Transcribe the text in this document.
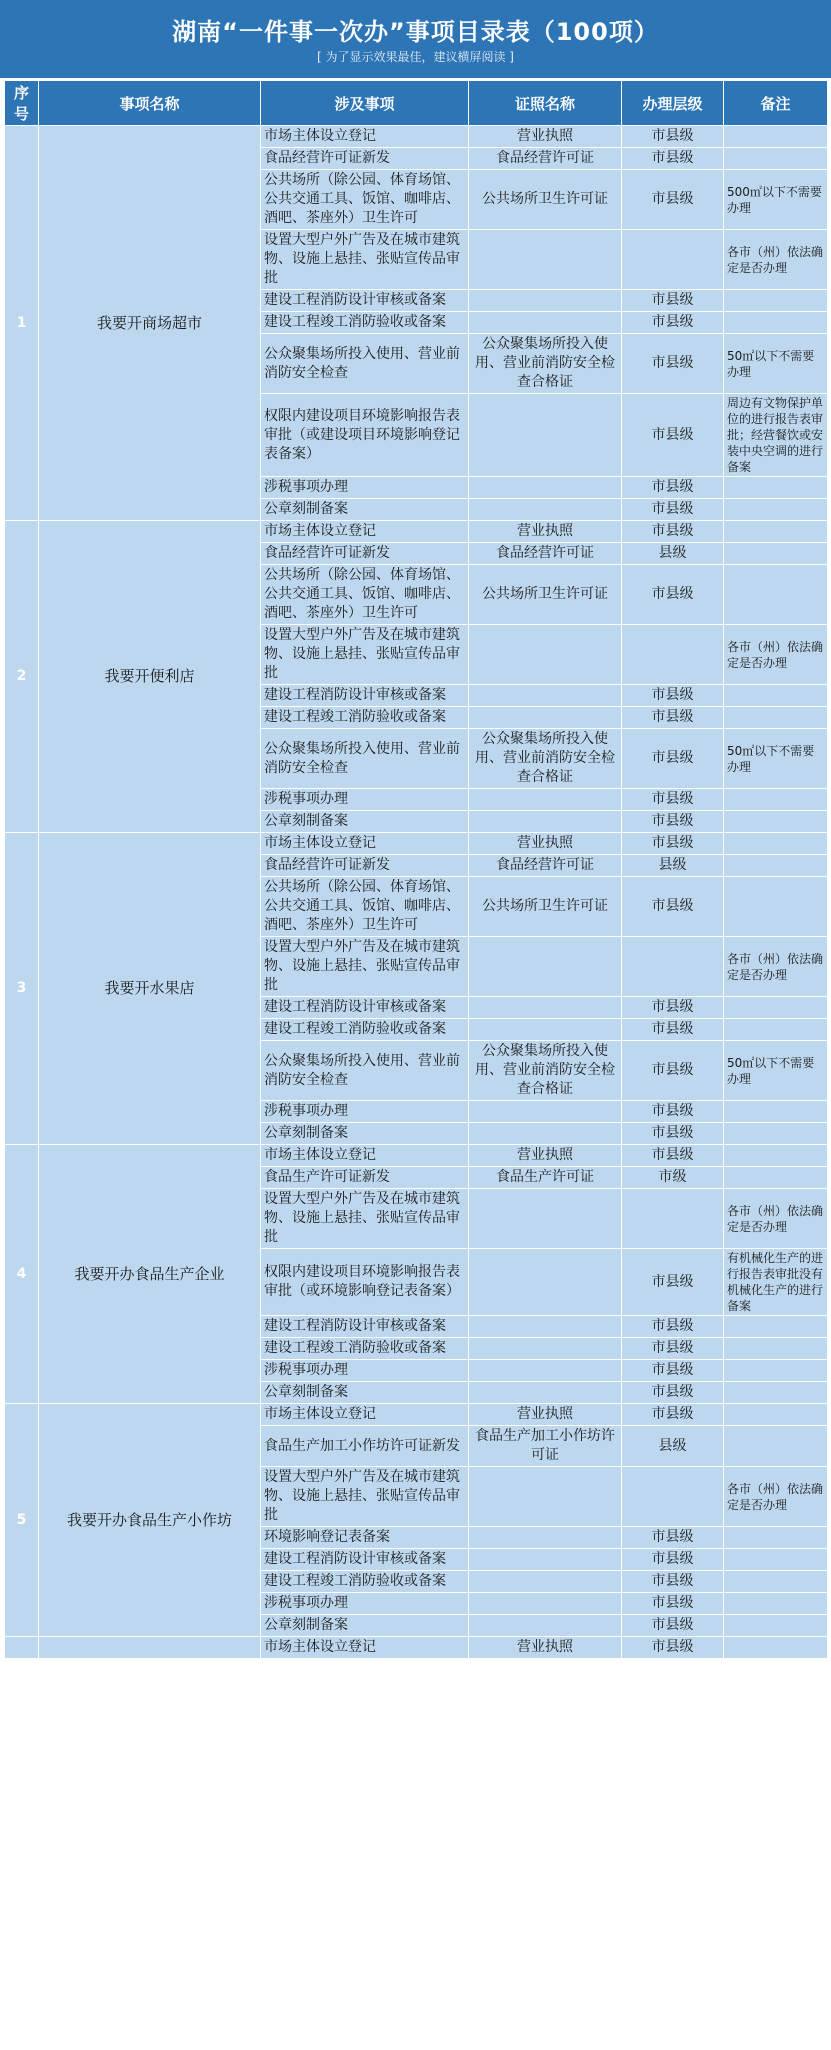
湖南“一件事一次办”事项目录表（100项）
[ 为了显示效果最佳，建议横屏阅读 ]
序号	事项名称	涉及事项	证照名称	办理层级	备注
1	我要开商场超市	市场主体设立登记	营业执照	市县级	
		食品经营许可证新发	食品经营许可证	市县级	
		公共场所（除公园、体育场馆、公共交通工具、饭馆、咖啡店、酒吧、茶座外）卫生许可	公共场所卫生许可证	市县级	500㎡以下不需要办理
		设置大型户外广告及在城市建筑物、设施上悬挂、张贴宣传品审批			各市（州）依法确定是否办理
		建设工程消防设计审核或备案		市县级	
		建设工程竣工消防验收或备案		市县级	
		公众聚集场所投入使用、营业前消防安全检查	公众聚集场所投入使用、营业前消防安全检查合格证	市县级	50㎡以下不需要办理
		权限内建设项目环境影响报告表审批（或建设项目环境影响登记表备案）		市县级	周边有文物保护单位的进行报告表审批；经营餐饮或安装中央空调的进行备案
		涉税事项办理		市县级	
		公章刻制备案		市县级	
2	我要开便利店	市场主体设立登记	营业执照	市县级	
		食品经营许可证新发	食品经营许可证	县级	
		公共场所（除公园、体育场馆、公共交通工具、饭馆、咖啡店、酒吧、茶座外）卫生许可	公共场所卫生许可证	市县级	
		设置大型户外广告及在城市建筑物、设施上悬挂、张贴宣传品审批			各市（州）依法确定是否办理
		建设工程消防设计审核或备案		市县级	
		建设工程竣工消防验收或备案		市县级	
		公众聚集场所投入使用、营业前消防安全检查	公众聚集场所投入使用、营业前消防安全检查合格证	市县级	50㎡以下不需要办理
		涉税事项办理		市县级	
		公章刻制备案		市县级	
3	我要开水果店	市场主体设立登记	营业执照	市县级	
		食品经营许可证新发	食品经营许可证	县级	
		公共场所（除公园、体育场馆、公共交通工具、饭馆、咖啡店、酒吧、茶座外）卫生许可	公共场所卫生许可证	市县级	
		设置大型户外广告及在城市建筑物、设施上悬挂、张贴宣传品审批			各市（州）依法确定是否办理
		建设工程消防设计审核或备案		市县级	
		建设工程竣工消防验收或备案		市县级	
		公众聚集场所投入使用、营业前消防安全检查	公众聚集场所投入使用、营业前消防安全检查合格证	市县级	50㎡以下不需要办理
		涉税事项办理		市县级	
		公章刻制备案		市县级	
4	我要开办食品生产企业	市场主体设立登记	营业执照	市县级	
		食品生产许可证新发	食品生产许可证	市级	
		设置大型户外广告及在城市建筑物、设施上悬挂、张贴宣传品审批			各市（州）依法确定是否办理
		权限内建设项目环境影响报告表审批（或环境影响登记表备案）		市县级	有机械化生产的进行报告表审批没有机械化生产的进行备案
		建设工程消防设计审核或备案		市县级	
		建设工程竣工消防验收或备案		市县级	
		涉税事项办理		市县级	
		公章刻制备案		市县级	
5	我要开办食品生产小作坊	市场主体设立登记	营业执照	市县级	
		食品生产加工小作坊许可证新发	食品生产加工小作坊许可证	县级	
		设置大型户外广告及在城市建筑物、设施上悬挂、张贴宣传品审批			各市（州）依法确定是否办理
		环境影响登记表备案		市县级	
		建设工程消防设计审核或备案		市县级	
		建设工程竣工消防验收或备案		市县级	
		涉税事项办理		市县级	
		公章刻制备案		市县级	
		市场主体设立登记	营业执照	市县级	
